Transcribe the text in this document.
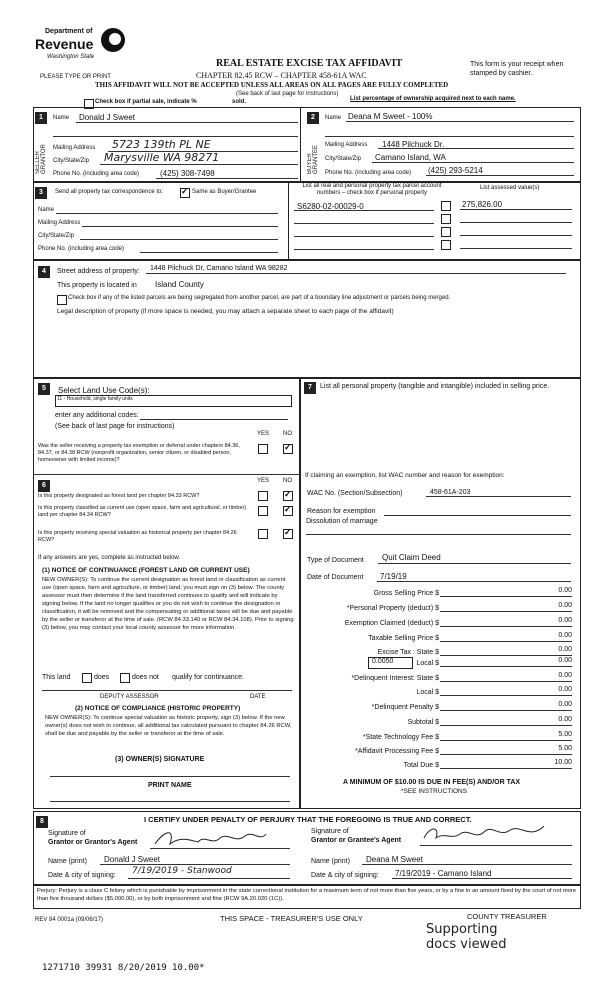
Department of
Revenue
Washington State
REAL ESTATE EXCISE TAX AFFIDAVIT
CHAPTER 82.45 RCW – CHAPTER 458-61A WAC
This form is your receipt when stamped by cashier.
PLEASE TYPE OR PRINT
THIS AFFIDAVIT WILL NOT BE ACCEPTED UNLESS ALL AREAS ON ALL PAGES ARE FULLY COMPLETED
(See back of last page for instructions)
Check box if partial sale, indicate %	sold.	List percentage of ownership acquired next to each name.
1
SELLER GRANTOR
Name Donald J Sweet
Mailing Address 5723 139th PL NE
City/State/Zip Marysville WA 98271
Phone No. (including area code)	(425) 308-7498
2
BUYER GRANTEE
Name Deana M Sweet - 100%
Mailing Address 1448 Pilchuck Dr.
City/State/Zip Camano Island, WA
Phone No. (including area code) (425) 293-5214
3	Send all property tax correspondence to:
✓	Same as Buyer/Grantee
Name
Mailing Address
City/State/Zip
Phone No. (including area code)
List all real and personal property tax parcel account numbers – check box if personal property
List assessed value(s)
S6280-02-00029-0	275,826.00
4	Street address of property: 1448 Pilchuck Dr, Camano Island WA 98282
This property is located in Island County
Check box if any of the listed parcels are being segregated from another parcel, are part of a boundary line adjustment or parcels being merged.
Legal description of property (if more space is needed, you may attach a separate sheet to each page of the affidavit)
5	Select Land Use Code(s):
11 - Household, single family units
enter any additional codes:
(See back of last page for instructions)
YES NO
Was the seller receiving a property tax exemption or deferral under chapters 84.36, 84.37, or 84.38 RCW (nonprofit organization, senior citizen, or disabled person, homeowner with limited income)?
✓
6
YES NO
Is this property designated as forest land per chapter 84.33 RCW?
✓
Is this property classified as current use (open space, farm and agricultural, or timber) land per chapter 84.34 RCW?
✓
Is this property receiving special valuation as historical property per chapter 84.26 RCW?
✓
If any answers are yes, complete as instructed below.
(1) NOTICE OF CONTINUANCE (FOREST LAND OR CURRENT USE)
NEW OWNER(S): To continue the current designation as forest land or classification as current use (open space, farm and agriculture, or timber) land, you must sign on (3) below. The county assessor must then determine if the land transferred continues to qualify and will indicate by signing below. If the land no longer qualifies or you do not wish to continue the designation or classification, it will be removed and the compensating or additional taxes will be due and payable by the seller or transferor at the time of sale. (RCW 84.33.140 or RCW 84.34.108). Prior to signing (3) below, you may contact your local county assessor for more information.
This land	does	does not qualify for continuance.
DEPUTY ASSESSOR	DATE
(2) NOTICE OF COMPLIANCE (HISTORIC PROPERTY)
NEW OWNER(S): To continue special valuation as historic property, sign (3) below. If the new owner(s) does not wish to continue, all additional tax calculated pursuant to chapter 84.26 RCW, shall be due and payable by the seller or transferor at the time of sale.
(3) OWNER(S) SIGNATURE
PRINT NAME
7	List all personal property (tangible and intangible) included in selling price.
If claiming an exemption, list WAC number and reason for exemption:
WAC No. (Section/Subsection)	458-61A-203
Reason for exemption
Dissolution of marriage
Type of Document Quit Claim Deed
Date of Document 7/19/19
Gross Selling Price $	0.00
*Personal Property (deduct) $	0.00
Exemption Claimed (deduct) $	0.00
Taxable Selling Price $	0.00
Excise Tax : State $	0.00
0.0050	Local $	0.00
*Delinquent Interest: State $	0.00
Local $	0.00
*Delinquent Penalty $	0.00
Subtotal $	0.00
*State Technology Fee $	5.00
*Affidavit Processing Fee $	5.00
Total Due $	10.00
A MINIMUM OF $10.00 IS DUE IN FEE(S) AND/OR TAX
*SEE INSTRUCTIONS
8	I CERTIFY UNDER PENALTY OF PERJURY THAT THE FOREGOING IS TRUE AND CORRECT.
Signature of
Grantor or Grantor's Agent
Name (print) Donald J Sweet
Date & city of signing: 7/19/2019 - Stanwood
Signature of
Grantor or Grantee's Agent
Name (print) Deana M Sweet
Date & city of signing: 7/19/2019 - Camano Island
Perjury: Perjury is a class C felony which is punishable by imprisonment in the state correctional institution for a maximum term of not more than five years, or by a fine in an amount fixed by the court of not more than five thousand dollars ($5,000.00), or by both imprisonment and fine (RCW 9A.20.020 (1C)).
REV 84 0001a (09/06/17)	THIS SPACE - TREASURER'S USE ONLY	COUNTY TREASURER
Supporting
docs viewed
1271710 39931 8/20/2019 10.00*
